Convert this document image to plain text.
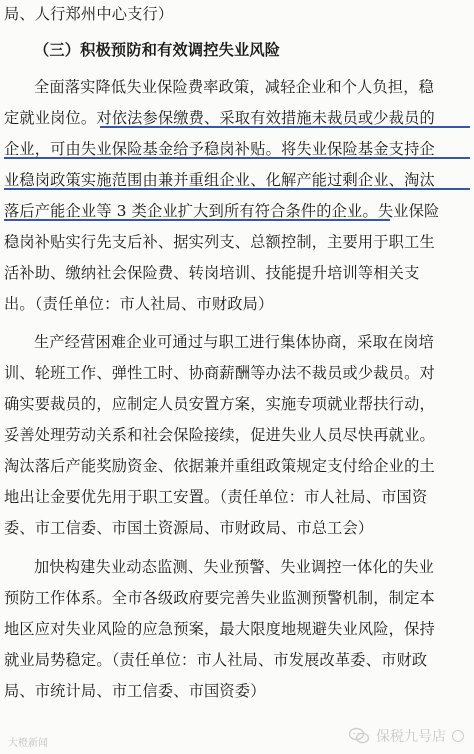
局、人行郑州中心支行）
（三）积极预防和有效调控失业风险
全面落实降低失业保险费率政策，减轻企业和个人负担，稳
定就业岗位。对依法参保缴费、采取有效措施未裁员或少裁员的
企业，可由失业保险基金给予稳岗补贴。将失业保险基金支持企
业稳岗政策实施范围由兼并重组企业、化解产能过剩企业、淘汰
落后产能企业等 3 类企业扩大到所有符合条件的企业。失业保险
稳岗补贴实行先支后补、据实列支、总额控制，主要用于职工生
活补助、缴纳社会保险费、转岗培训、技能提升培训等相关支
出。（责任单位：市人社局、市财政局）
生产经营困难企业可通过与职工进行集体协商，采取在岗培
训、轮班工作、弹性工时、协商薪酬等办法不裁员或少裁员。对
确实要裁员的，应制定人员安置方案，实施专项就业帮扶行动，
妥善处理劳动关系和社会保险接续，促进失业人员尽快再就业。
淘汰落后产能奖励资金、依据兼并重组政策规定支付给企业的土
地出让金要优先用于职工安置。（责任单位：市人社局、市国资
委、市工信委、市国土资源局、市财政局、市总工会）
加快构建失业动态监测、失业预警、失业调控一体化的失业
预防工作体系。全市各级政府要完善失业监测预警机制，制定本
地区应对失业风险的应急预案，最大限度地规避失业风险，保持
就业局势稳定。（责任单位：市人社局、市发展改革委、市财政
局、市统计局、市工信委、市国资委）
大橙新闻	保税九号店
